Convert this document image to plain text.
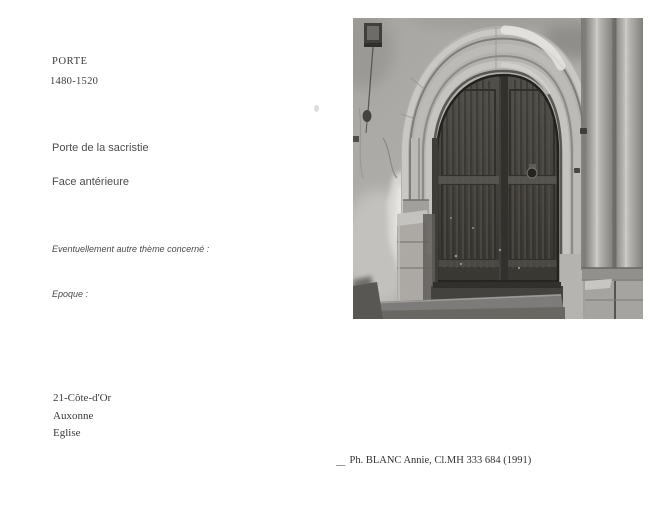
PORTE
1480-1520
Porte de la sacristie
Face antérieure
Eventuellement autre thème concerné :
Epoque :
21-Côte-d'Or
Auxonne
Eglise
__ Ph. BLANC Annie, Cl.MH 333 684 (1991)
